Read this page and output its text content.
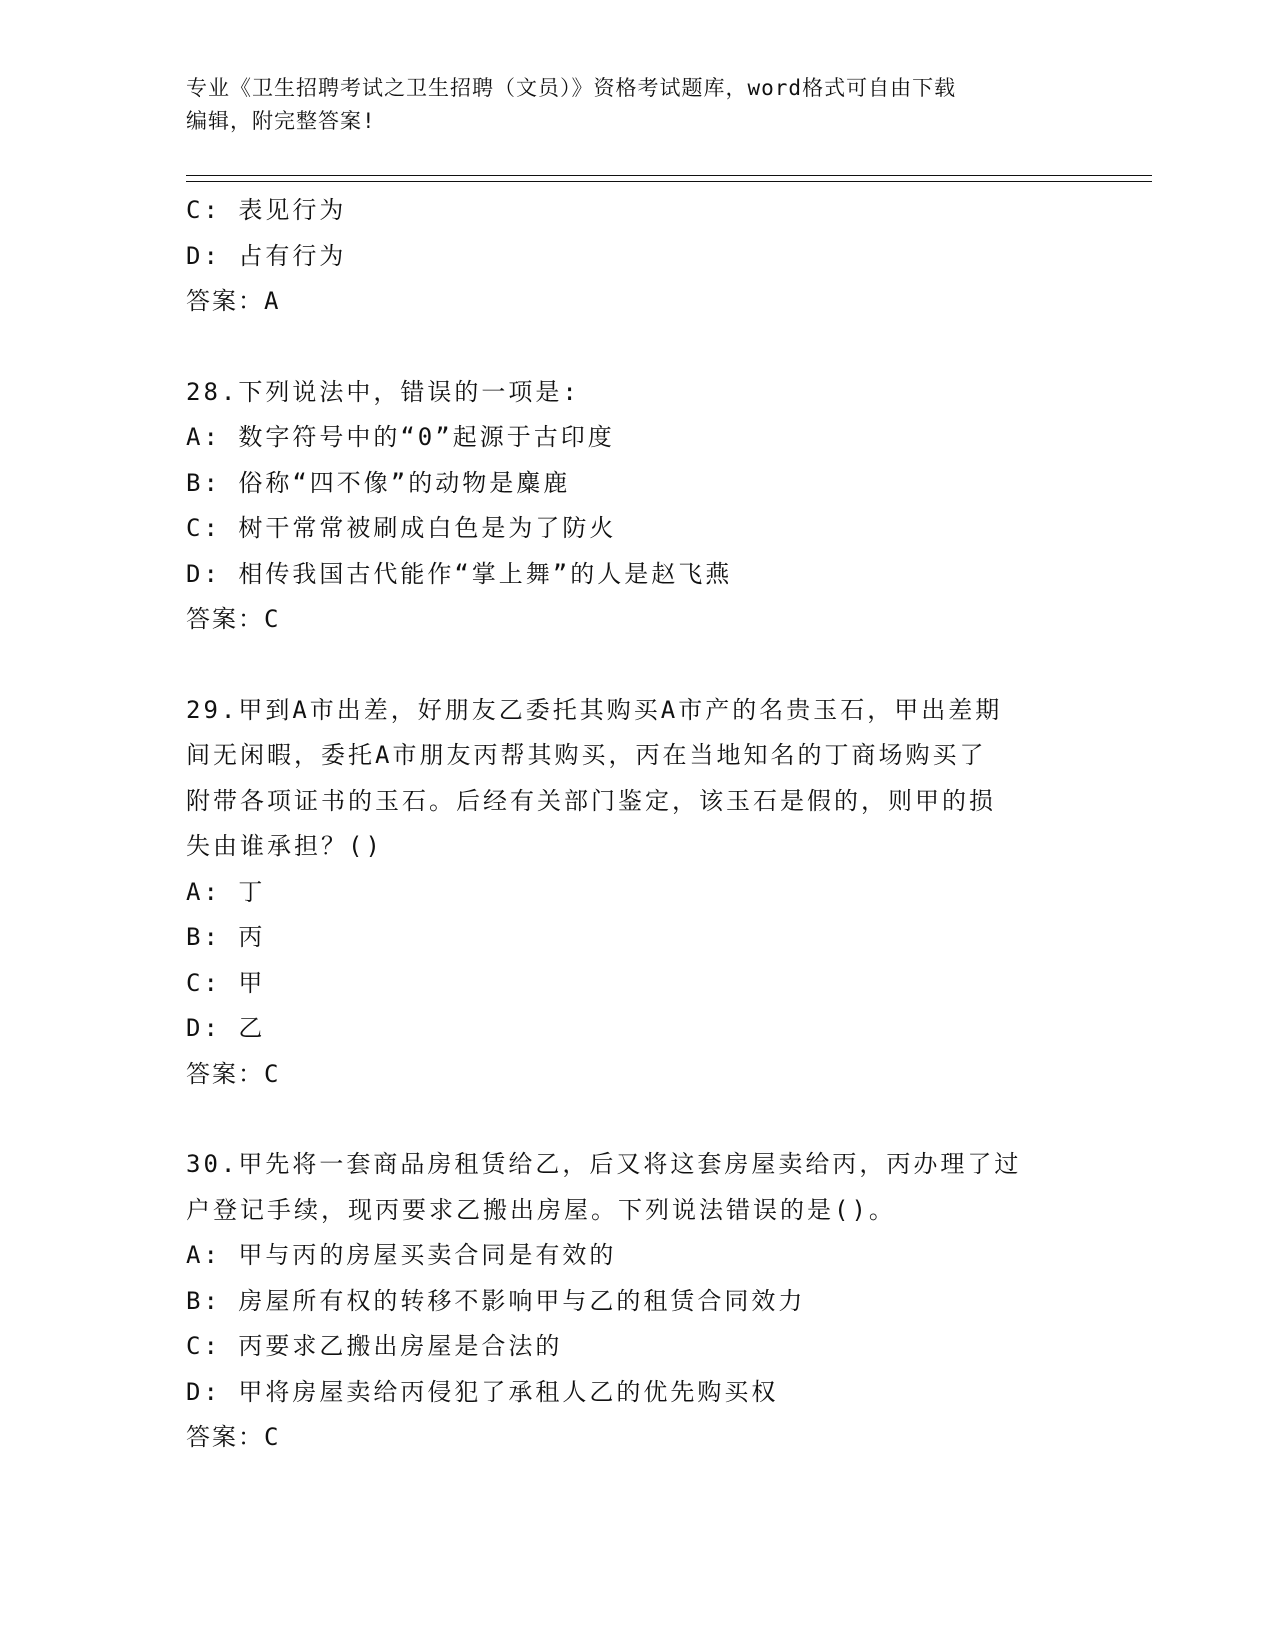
专业《卫生招聘考试之卫生招聘（文员）》资格考试题库，word格式可自由下载
编辑，附完整答案!
C: 表见行为
D: 占有行为
答案：A
28.下列说法中，错误的一项是:
A: 数字符号中的“0”起源于古印度
B: 俗称“四不像”的动物是麋鹿
C: 树干常常被刷成白色是为了防火
D: 相传我国古代能作“掌上舞”的人是赵飞燕
答案：C
29.甲到A市出差，好朋友乙委托其购买A市产的名贵玉石，甲出差期
间无闲暇，委托A市朋友丙帮其购买，丙在当地知名的丁商场购买了
附带各项证书的玉石。后经有关部门鉴定，该玉石是假的，则甲的损
失由谁承担？()
A: 丁
B: 丙
C: 甲
D: 乙
答案：C
30.甲先将一套商品房租赁给乙，后又将这套房屋卖给丙，丙办理了过
户登记手续，现丙要求乙搬出房屋。下列说法错误的是()。
A: 甲与丙的房屋买卖合同是有效的
B: 房屋所有权的转移不影响甲与乙的租赁合同效力
C: 丙要求乙搬出房屋是合法的
D: 甲将房屋卖给丙侵犯了承租人乙的优先购买权
答案：C
